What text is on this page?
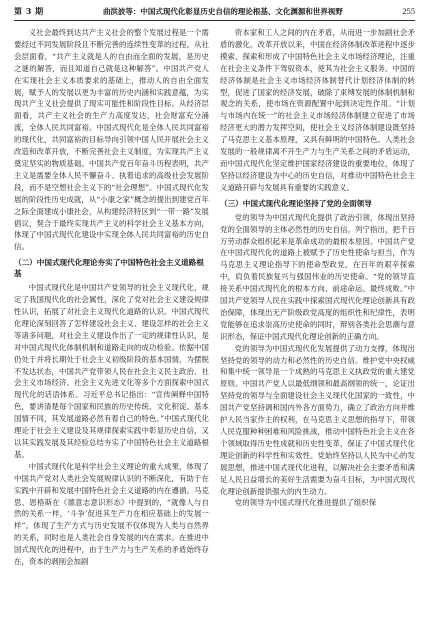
第 3 期	曲洪波等：中国式现代化彰显历史自信的理论根基、文化渊源和世界视野	255

义社会最终到达共产主义社会的整个发展过程是一个需要经过不同发展阶段且不断完善的连续性变革的过程。从社会层面看，“共产主义就是人的自由而全面的发展，是历史之谜的解答，而且知道自己就是这种解答”。中国共产党人在实现社会主义本质要求的基础上，推动人的自由全面发展，赋予人的发展以更为丰富的历史内涵和实践意蕴，为实现共产主义社会提供了现实可能性和阶段性目标。从经济层面看，共产主义社会的生产力高度发达，社会财富充分涌流，全体人民共同富裕。中国式现代化是全体人民共同富裕的现代化，共同富裕的目标导向引领中国人民开展社会主义改造和改革开放，不断完善社会主义制度，为实现共产主义奠定坚实的物质基础。中国共产党百年奋斗历程表明，共产主义是需要全体人民不懈奋斗、执着追求的高级社会发展阶段，而不是空想社会主义下的“社会理想”。中国式现代化发展的阶段性历史成就，从“小康之家”概念的提出到建党百年之际全面建成小康社会，从构建经济特区到“一带一路”发展倡议，契合于最终实现共产主义的科学社会主义基本方向，体现了中国式现代化建设中实现全体人民共同富裕的历史自信。

（二）中国式现代化理论夯实了中国特色社会主义道路根基

中国式现代化是中国共产党领导的社会主义现代化，规定了我国现代化的社会属性，深化了党对社会主义建设规律性认识，拓展了对社会主义现代化道路的认识。中国式现代化理论深刻回答了怎样建设社会主义、建设怎样的社会主义等诸多问题，对社会主义建设作出了一定的规律性认识，是对中国式现代化体制机制和道路走向的成功检验。依据中国仍处于并将长期处于社会主义初级阶段的基本国情，为摆脱不发达状态，中国共产党带领人民在社会主义民主政治、社会主义市场经济、社会主义先进文化等多个方面探索中国式现代化的话语体系。习近平总书记指出：“宣传阐释中国特色，要讲清楚每个国家和民族的历史传统、文化积淀、基本国情不同，其发展道路必然有着自己的特色。”中国式现代化理论于社会主义建设及其规律探索实践中彰显历史自信，又以其实践发展及其经验总结夯实了中国特色社会主义道路根基。

中国式现代化是科学社会主义理论的重大成果，体现了中国共产党对人类社会发展规律认识的不断深化，有助于在实践中开辟和发展中国特色社会主义道路的内在遵循。马克思、恩格斯在《德意志意识形态》中提到的，“就像人与自然的关系一样，‘斗争’促进其生产力在相应基础上的发展一样”。体现了生产方式与历史发展不仅体现为人类与自然界的关系，同时也是人类社会自身发展的内在需求。在推进中国式现代化的进程中，由于生产力与生产关系的矛盾始终存在，资本的剥削会加剧

资本家和工人之间的内在矛盾，从而进一步加剧社会矛盾的激化。改革开放以来，中国在经济体制改革进程中逐步摸索、探索和形成了中国特色社会主义市场经济理论，注重在社会主义条件下驾驭资本，使其为社会主义服务。中国的经济体制是社会主义市场经济体制替代计划经济体制的转型，促进了国家的经济发展，破除了束缚发展的体制机制和观念的关系，使市场在资源配置中起到决定性作用。“计划与市场内在统一”的社会主义市场经济体制建立促进了市场经济更大的潜力发挥空间，使社会主义经济体制建设既坚持了马克思主义基本原理，又具有鲜明的中国特色。人类社会发展的一般规律离不开生产力与生产关系之间的矛盾运动，而中国式现代化坚定维护国家经济建设的重要地位，体现了坚持以经济建设为中心的历史自信，对推动中国特色社会主义道路开辟与发展具有重要的实践意义。

（三）中国式现代化理论坚持了党的全面领导

党的领导为中国式现代化提供了政治引领，体现出坚持党的全面领导的主体必然性的历史自信。列宁指出，把千百万劳动群众组织起来是革命成功的最根本原因。中国共产党在中国式现代化的道路上被赋予了历史性使命与担当，作为马克思主义理论指导下的使命型政党，在百年的艰辛探索中，肩负着民族复兴与强国伟业的历史使命。“党的领导直接关系中国式现代化的根本方向、前途命运、最终成败。”中国共产党领导人民在实践中探索国式现代化理论创新具有政治保障，体现出无产阶级政党高度的组织性和纪律性，表明党能够在追求崇高历史使命的同时，辩别各类社会思潮与意识形态，保证中国式现代化理论创新的正确方向。

党的领导为中国式现代化发展提供了动力支撑，体现出坚持党的领导的动力和必然性的历史自信。维护党中央权威和集中统一领导是一个成熟的马克思主义执政党的重大建党原则。中国共产党人以最低纲领和最高纲领的统一，论证出坚持党的领导与全面建设社会主义现代化国家的一致性，中国共产党坚持调和国内外各方面势力，确立了政治方向并维护人民当家作主的权利，在马克思主义思想的指导下，带领人民克服种种困难和风险挑战，推动中国特色社会主义在各个领域取得历史性成就和历史性变革，保证了中国式现代化理论创新的科学性和实效性。党始终坚持以人民为中心的发展思想，推进中国式现代化进程，以解决社会主要矛盾和满足人民日益增长的美好生活需要为奋斗目标，为中国式现代化理论创新提供强大的内生动力。

党的领导为中国式现代化推进提供了组织保
